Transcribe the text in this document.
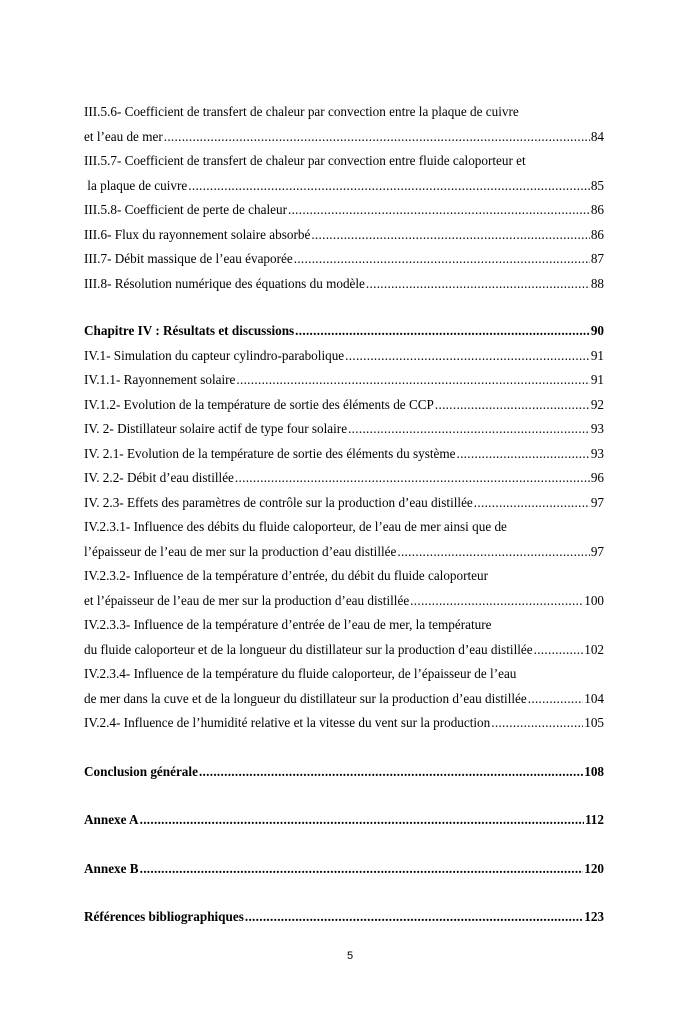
III.5.6- Coefficient de transfert de chaleur par convection entre la plaque de cuivre
et l’eau de mer .....	84
III.5.7- Coefficient de transfert de chaleur par convection entre fluide caloporteur et
la plaque de cuivre .....	85
III.5.8- Coefficient de perte de chaleur .....	86
III.6- Flux du rayonnement solaire absorbé .....	86
III.7- Débit massique de l’eau évaporée .....	87
III.8- Résolution numérique des équations du modèle .....	88
Chapitre IV : Résultats et discussions .....	90
IV.1- Simulation du capteur cylindro-parabolique .....	91
IV.1.1- Rayonnement solaire .....	91
IV.1.2- Evolution de la température de sortie des éléments de CCP .....	92
IV. 2- Distillateur solaire actif de type four solaire .....	93
IV. 2.1- Evolution de la température de sortie des éléments du système .....	93
IV. 2.2- Débit d’eau distillée .....	96
IV. 2.3- Effets des paramètres de contrôle sur la production d’eau distillée .....	97
IV.2.3.1- Influence des débits du fluide caloporteur, de l’eau de mer ainsi que de
l’épaisseur de l’eau de mer sur la production d’eau distillée .....	97
IV.2.3.2- Influence de la température d’entrée, du débit du fluide caloporteur
et l’épaisseur de l’eau de mer sur la production d’eau distillée .....	100
IV.2.3.3- Influence de la température d’entrée de l’eau de mer, la température
du fluide caloporteur et de la longueur du distillateur sur la production d’eau distillée .....	102
IV.2.3.4- Influence de la température du fluide caloporteur, de l’épaisseur de l’eau
de mer dans la cuve et de la longueur du distillateur sur la production d’eau distillée .....	104
IV.2.4- Influence de l’humidité relative et la vitesse du vent sur la production .....	105
Conclusion générale .....	108
Annexe A .....	112
Annexe B .....	120
Références bibliographiques .....	123
5
